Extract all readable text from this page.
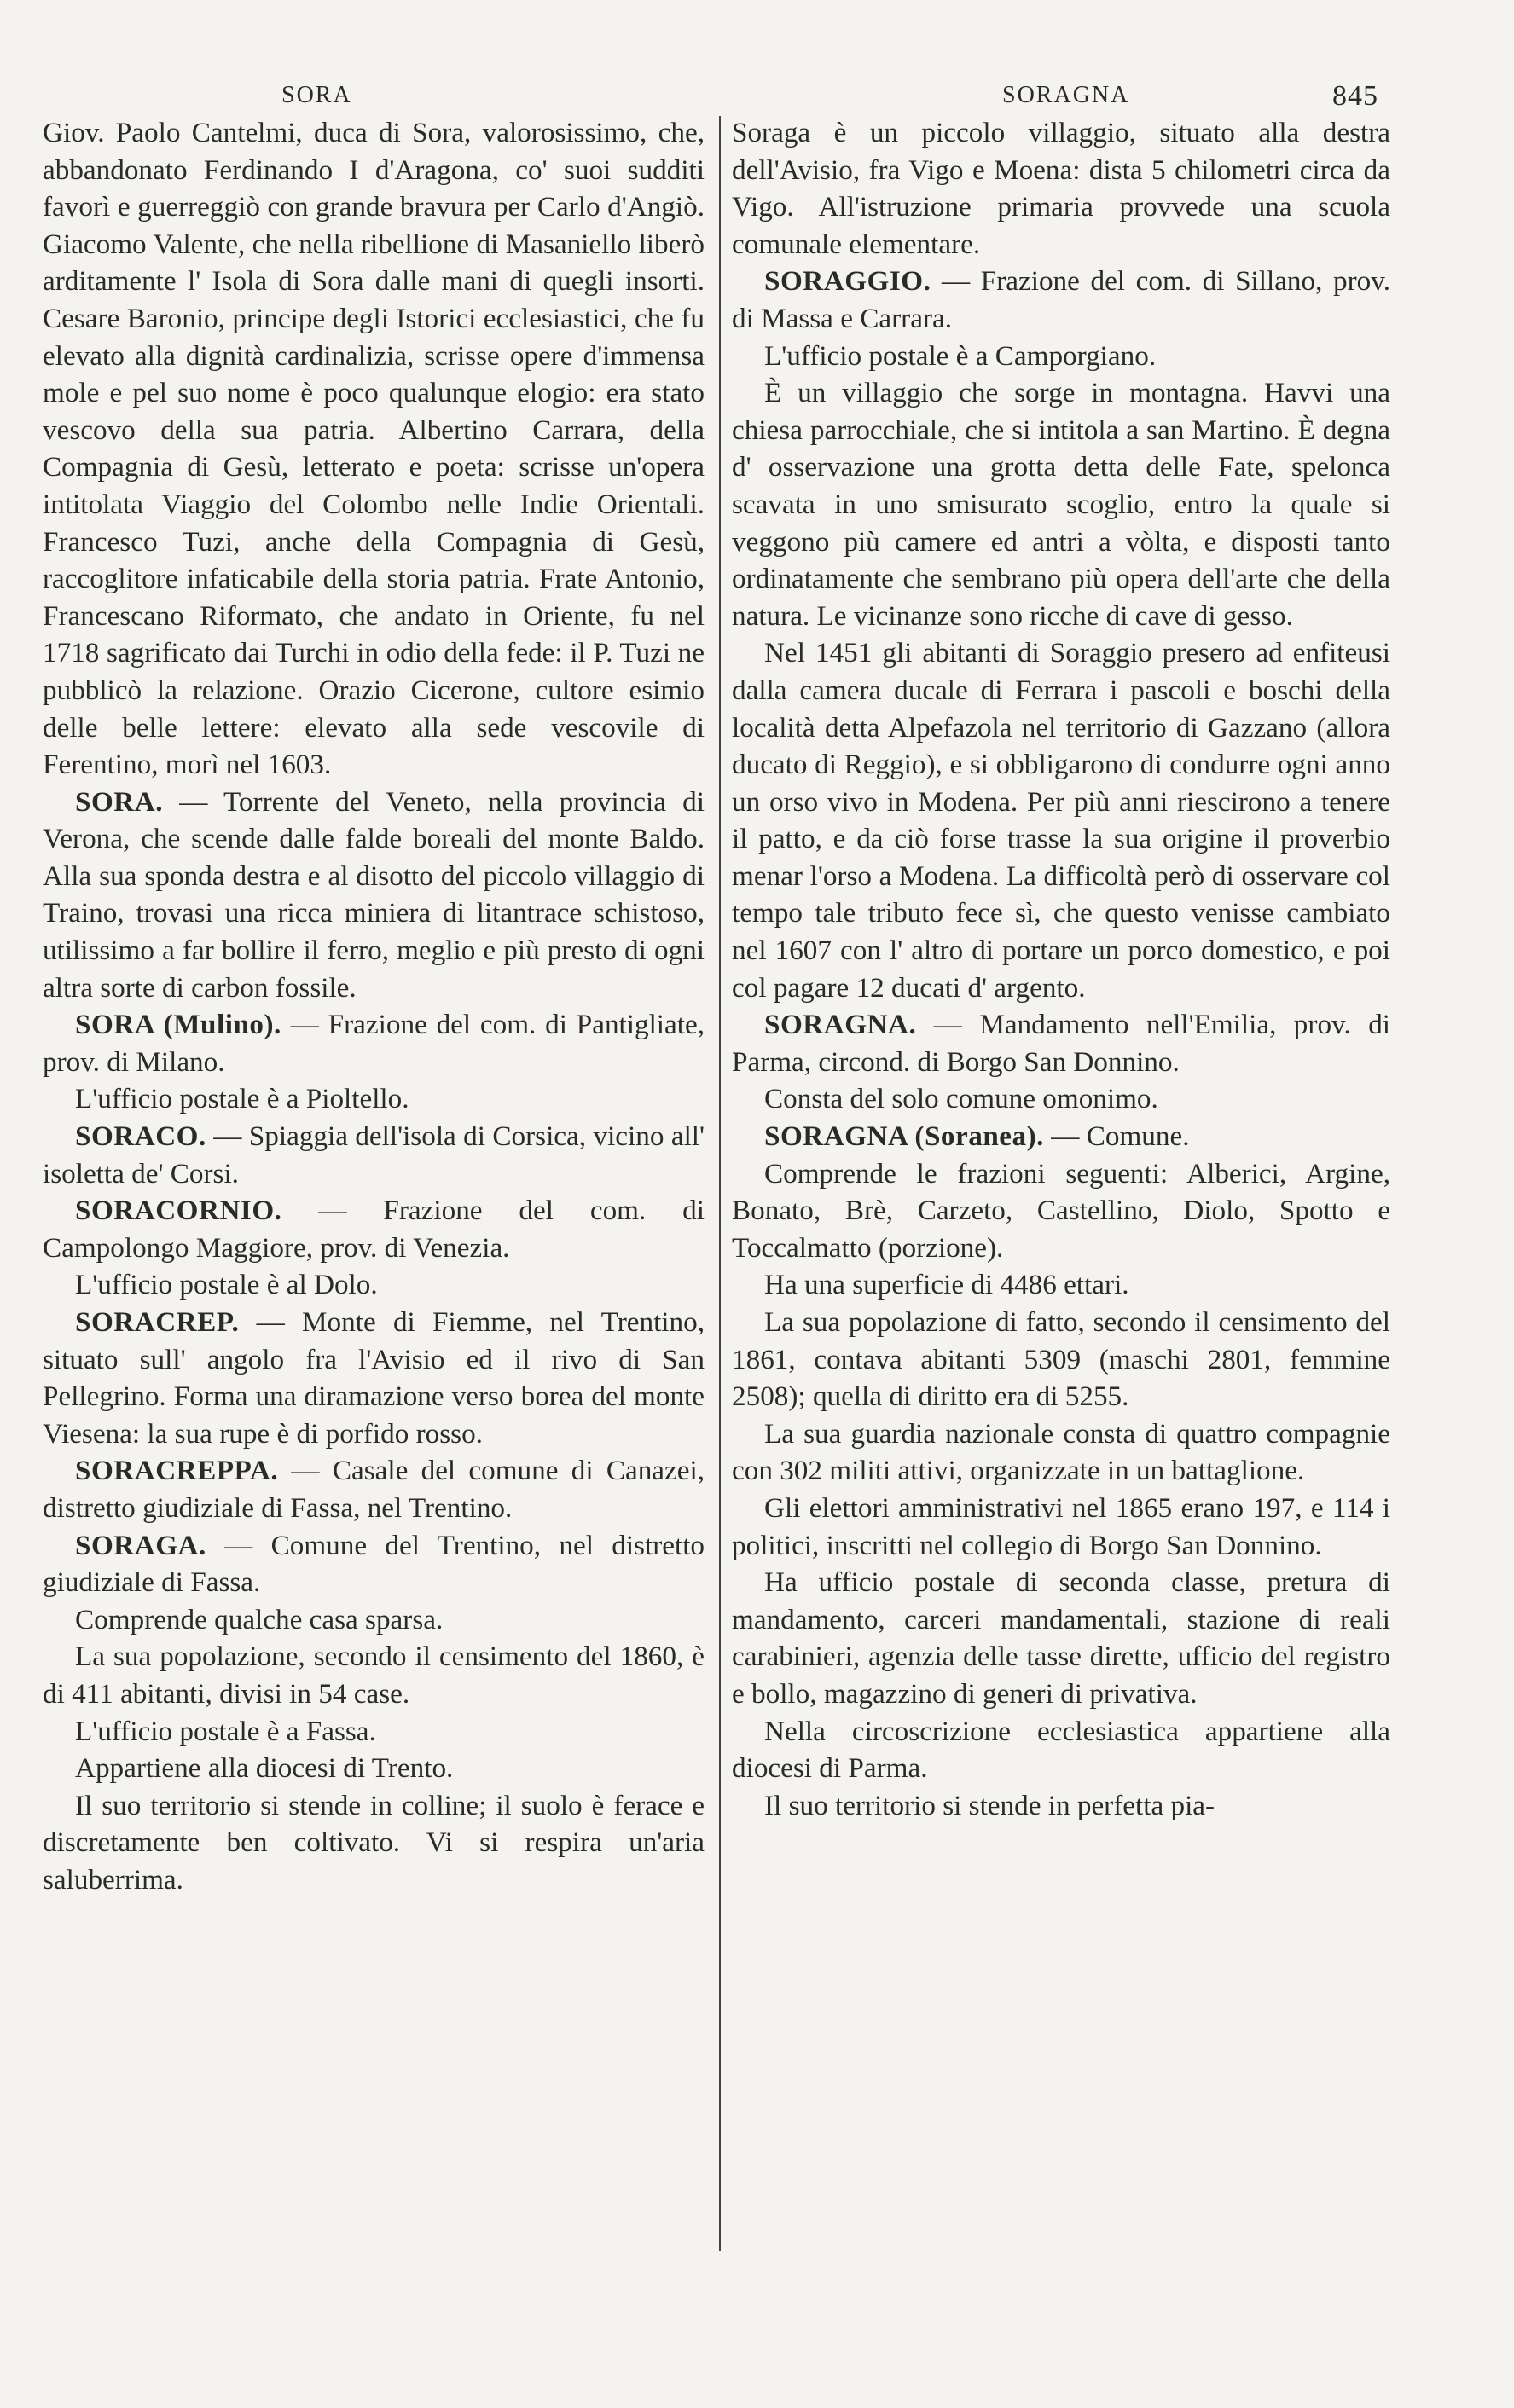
SORA	SORAGNA	845

Giov. Paolo Cantelmi, duca di Sora, valorosissimo, che, abbandonato Ferdinando I d'Aragona, co' suoi sudditi favorì e guerreggiò con grande bravura per Carlo d'Angiò. Giacomo Valente, che nella ribellione di Masaniello liberò arditamente l' Isola di Sora dalle mani di quegli insorti. Cesare Baronio, principe degli Istorici ecclesiastici, che fu elevato alla dignità cardinalizia, scrisse opere d'immensa mole e pel suo nome è poco qualunque elogio: era stato vescovo della sua patria. Albertino Carrara, della Compagnia di Gesù, letterato e poeta: scrisse un'opera intitolata Viaggio del Colombo nelle Indie Orientali. Francesco Tuzi, anche della Compagnia di Gesù, raccoglitore infaticabile della storia patria. Frate Antonio, Francescano Riformato, che andato in Oriente, fu nel 1718 sagrificato dai Turchi in odio della fede: il P. Tuzi ne pubblicò la relazione. Orazio Cicerone, cultore esimio delle belle lettere: elevato alla sede vescovile di Ferentino, morì nel 1603.

SORA. — Torrente del Veneto, nella provincia di Verona, che scende dalle falde boreali del monte Baldo. Alla sua sponda destra e al disotto del piccolo villaggio di Traino, trovasi una ricca miniera di litantrace schistoso, utilissimo a far bollire il ferro, meglio e più presto di ogni altra sorte di carbon fossile.

SORA (Mulino). — Frazione del com. di Pantigliate, prov. di Milano.

L'ufficio postale è a Pioltello.

SORACO. — Spiaggia dell'isola di Corsica, vicino all' isoletta de' Corsi.

SORACORNIO. — Frazione del com. di Campolongo Maggiore, prov. di Venezia.

L'ufficio postale è al Dolo.

SORACREP. — Monte di Fiemme, nel Trentino, situato sull' angolo fra l'Avisio ed il rivo di San Pellegrino. Forma una diramazione verso borea del monte Viesena: la sua rupe è di porfido rosso.

SORACREPPA. — Casale del comune di Canazei, distretto giudiziale di Fassa, nel Trentino.

SORAGA. — Comune del Trentino, nel distretto giudiziale di Fassa.

Comprende qualche casa sparsa.

La sua popolazione, secondo il censimento del 1860, è di 411 abitanti, divisi in 54 case.

L'ufficio postale è a Fassa.

Appartiene alla diocesi di Trento.

Il suo territorio si stende in colline; il suolo è ferace e discretamente ben coltivato. Vi si respira un'aria saluberrima.

Soraga è un piccolo villaggio, situato alla destra dell'Avisio, fra Vigo e Moena: dista 5 chilometri circa da Vigo. All'istruzione primaria provvede una scuola comunale elementare.

SORAGGIO. — Frazione del com. di Sillano, prov. di Massa e Carrara.

L'ufficio postale è a Camporgiano.

È un villaggio che sorge in montagna. Havvi una chiesa parrocchiale, che si intitola a san Martino. È degna d' osservazione una grotta detta delle Fate, spelonca scavata in uno smisurato scoglio, entro la quale si veggono più camere ed antri a vòlta, e disposti tanto ordinatamente che sembrano più opera dell'arte che della natura. Le vicinanze sono ricche di cave di gesso.

Nel 1451 gli abitanti di Soraggio presero ad enfiteusi dalla camera ducale di Ferrara i pascoli e boschi della località detta Alpefazola nel territorio di Gazzano (allora ducato di Reggio), e si obbligarono di condurre ogni anno un orso vivo in Modena. Per più anni riescirono a tenere il patto, e da ciò forse trasse la sua origine il proverbio menar l'orso a Modena. La difficoltà però di osservare col tempo tale tributo fece sì, che questo venisse cambiato nel 1607 con l' altro di portare un porco domestico, e poi col pagare 12 ducati d' argento.

SORAGNA. — Mandamento nell'Emilia, prov. di Parma, circond. di Borgo San Donnino.

Consta del solo comune omonimo.

SORAGNA (Soranea). — Comune.

Comprende le frazioni seguenti: Alberici, Argine, Bonato, Brè, Carzeto, Castellino, Diolo, Spotto e Toccalmatto (porzione).

Ha una superficie di 4486 ettari.

La sua popolazione di fatto, secondo il censimento del 1861, contava abitanti 5309 (maschi 2801, femmine 2508); quella di diritto era di 5255.

La sua guardia nazionale consta di quattro compagnie con 302 militi attivi, organizzate in un battaglione.

Gli elettori amministrativi nel 1865 erano 197, e 114 i politici, inscritti nel collegio di Borgo San Donnino.

Ha ufficio postale di seconda classe, pretura di mandamento, carceri mandamentali, stazione di reali carabinieri, agenzia delle tasse dirette, ufficio del registro e bollo, magazzino di generi di privativa.

Nella circoscrizione ecclesiastica appartiene alla diocesi di Parma.

Il suo territorio si stende in perfetta pia-
